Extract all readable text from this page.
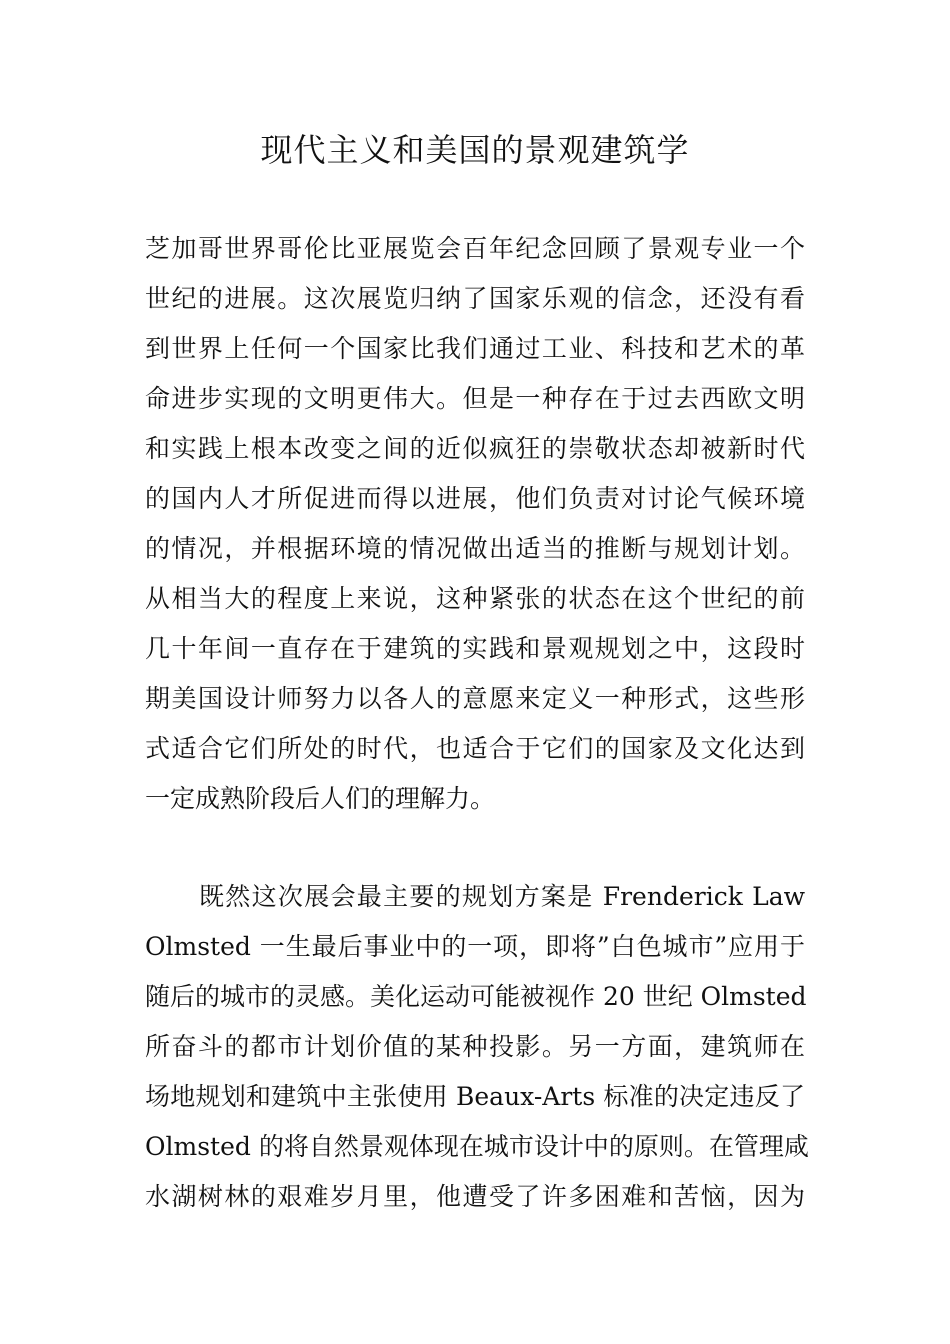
现代主义和美国的景观建筑学
芝加哥世界哥伦比亚展览会百年纪念回顾了景观专业一个
世纪的进展。这次展览归纳了国家乐观的信念，还没有看
到世界上任何一个国家比我们通过工业、科技和艺术的革
命进步实现的文明更伟大。但是一种存在于过去西欧文明
和实践上根本改变之间的近似疯狂的崇敬状态却被新时代
的国内人才所促进而得以进展，他们负责对讨论气候环境
的情况，并根据环境的情况做出适当的推断与规划计划。
从相当大的程度上来说，这种紧张的状态在这个世纪的前
几十年间一直存在于建筑的实践和景观规划之中，这段时
期美国设计师努力以各人的意愿来定义一种形式，这些形
式适合它们所处的时代，也适合于它们的国家及文化达到
一定成熟阶段后人们的理解力。
既然这次展会最主要的规划方案是 Frenderick Law
Olmsted 一生最后事业中的一项，即将”白色城市”应用于
随后的城市的灵感。美化运动可能被视作 20 世纪 Olmsted
所奋斗的都市计划价值的某种投影。另一方面，建筑师在
场地规划和建筑中主张使用 Beaux-Arts 标准的决定违反了
Olmsted 的将自然景观体现在城市设计中的原则。在管理咸
水湖树林的艰难岁月里，他遭受了许多困难和苦恼，因为
